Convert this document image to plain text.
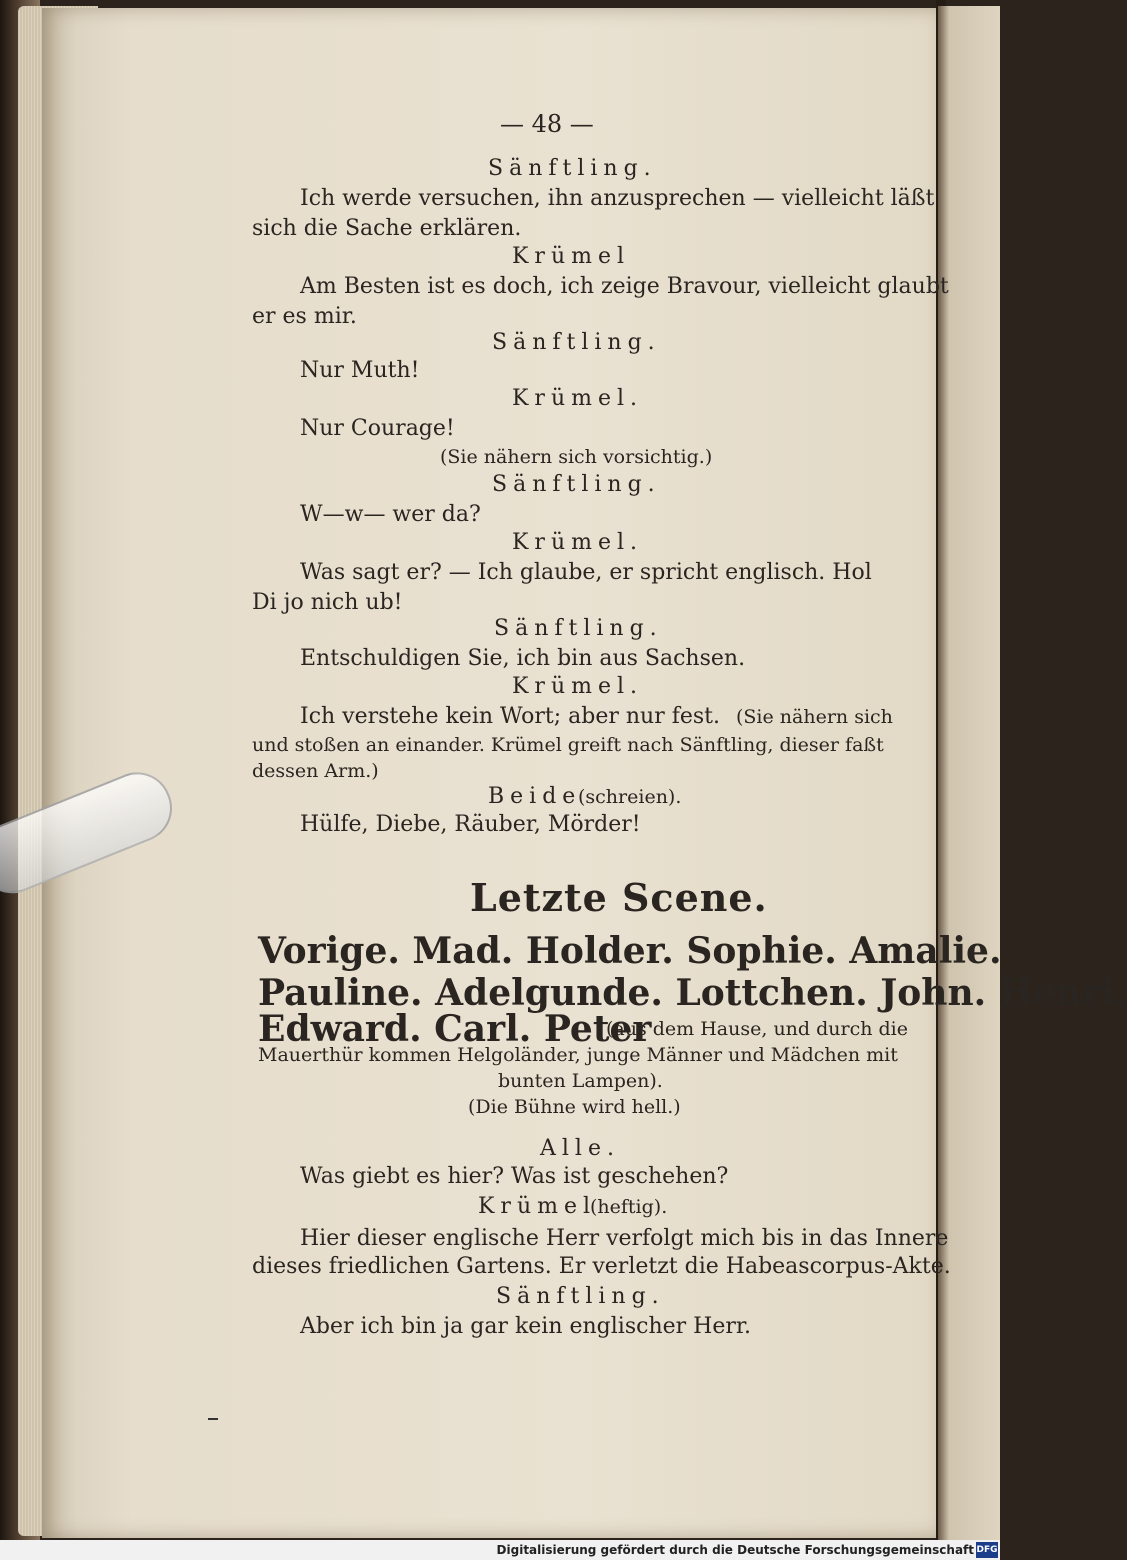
— 48 —
Sänftling.
Ich werde versuchen, ihn anzusprechen — vielleicht läßt
sich die Sache erklären.
Krümel
Am Besten ist es doch, ich zeige Bravour, vielleicht glaubt
er es mir.
Sänftling.
Nur Muth!
Krümel.
Nur Courage!
(Sie nähern sich vorsichtig.)
Sänftling.
W—w— wer da?
Krümel.
Was sagt er? — Ich glaube, er spricht englisch. Hol
Di jo nich ub!
Sänftling.
Entschuldigen Sie, ich bin aus Sachsen.
Krümel.
Ich verstehe kein Wort; aber nur fest. (Sie nähern sich
und stoßen an einander. Krümel greift nach Sänftling, dieser faßt
dessen Arm.)
Beide
(schreien).
Hülfe, Diebe, Räuber, Mörder!
Letzte Scene.
Vorige. Mad. Holder. Sophie. Amalie.
Pauline. Adelgunde. Lottchen. John. Henri.
Edward. Carl. Peter
(aus dem Hause, und durch die
Mauerthür kommen Helgoländer, junge Männer und Mädchen mit
bunten Lampen).
(Die Bühne wird hell.)
Alle.
Was giebt es hier? Was ist geschehen?
Krümel
(heftig).
Hier dieser englische Herr verfolgt mich bis in das Innere
dieses friedlichen Gartens. Er verletzt die Habeascorpus-Akte.
Sänftling.
Aber ich bin ja gar kein englischer Herr.
Digitalisierung gefördert durch die Deutsche Forschungsgemeinschaft DFG
